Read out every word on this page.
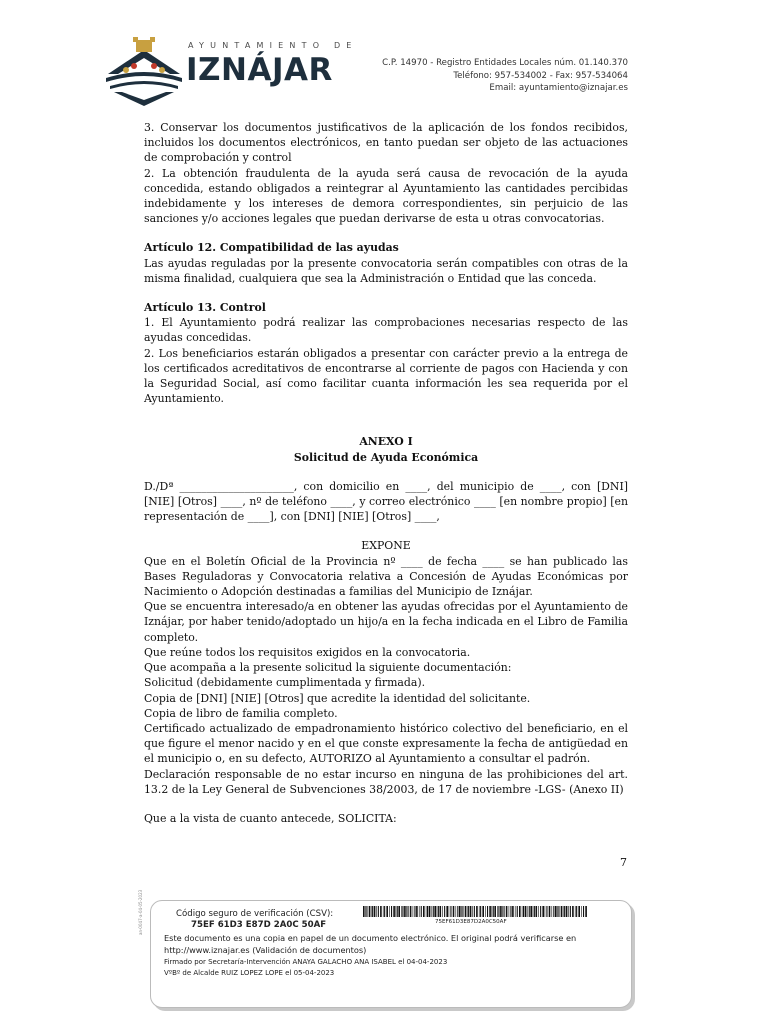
AYUNTAMIENTO DE
IZNÁJAR	C.P. 14970 - Registro Entidades Locales núm. 01.140.370
Teléfono: 957-534002 - Fax: 957-534064
Email: ayuntamiento@iznajar.es

3. Conservar los documentos justificativos de la aplicación de los fondos recibidos, incluidos los documentos electrónicos, en tanto puedan ser objeto de las actuaciones de comprobación y control

2. La obtención fraudulenta de la ayuda será causa de revocación de la ayuda concedida, estando obligados a reintegrar al Ayuntamiento las cantidades percibidas indebidamente y los intereses de demora correspondientes, sin perjuicio de las sanciones y/o acciones legales que puedan derivarse de esta u otras convocatorias.

Artículo 12. Compatibilidad de las ayudas

Las ayudas reguladas por la presente convocatoria serán compatibles con otras de la misma finalidad, cualquiera que sea la Administración o Entidad que las conceda.

Artículo 13. Control

1. El Ayuntamiento podrá realizar las comprobaciones necesarias respecto de las ayudas concedidas.

2. Los beneficiarios estarán obligados a presentar con carácter previo a la entrega de los certificados acreditativos de encontrarse al corriente de pagos con Hacienda y con la Seguridad Social, así como facilitar cuanta información les sea requerida por el Ayuntamiento.

ANEXO I

Solicitud de Ayuda Económica

D./Dª _____________________, con domicilio en ____, del municipio de ____, con [DNI] [NIE] [Otros] ____, nº de teléfono ____, y correo electrónico ____ [en nombre propio] [en representación de ____], con [DNI] [NIE] [Otros] ____,

EXPONE

Que en el Boletín Oficial de la Provincia nº ____ de fecha ____ se han publicado las Bases Reguladoras y Convocatoria relativa a Concesión de Ayudas Económicas por Nacimiento o Adopción destinadas a familias del Municipio de Iznájar.

Que se encuentra interesado/a en obtener las ayudas ofrecidas por el Ayuntamiento de Iznájar, por haber tenido/adoptado un hijo/a en la fecha indicada en el Libro de Familia completo.

Que reúne todos los requisitos exigidos en la convocatoria.

Que acompaña a la presente solicitud la siguiente documentación:

Solicitud (debidamente cumplimentada y firmada).

Copia de [DNI] [NIE] [Otros] que acredite la identidad del solicitante.

Copia de libro de familia completo.

Certificado actualizado de empadronamiento histórico colectivo del beneficiario, en el que figure el menor nacido y en el que conste expresamente la fecha de antigüedad en el municipio o, en su defecto, AUTORIZO al Ayuntamiento a consultar el padrón.

Declaración responsable de no estar incurso en ninguna de las prohibiciones del art. 13.2 de la Ley General de Subvenciones 38/2003, de 17 de noviembre -LGS- (Anexo II)

Que a la vista de cuanto antecede, SOLICITA:

7
an-0047-a-04-05-2023	Código seguro de verificación (CSV):
75EF 61D3 E87D 2A0C 50AF	75EF61D3E87D2A0C50AF
Este documento es una copia en papel de un documento electrónico. El original podrá verificarse en
http://www.iznajar.es (Validación de documentos)
Firmado por Secretaría-Intervención ANAYA GALACHO ANA ISABEL el 04-04-2023
VºBº de Alcalde RUIZ LOPEZ LOPE el 05-04-2023
